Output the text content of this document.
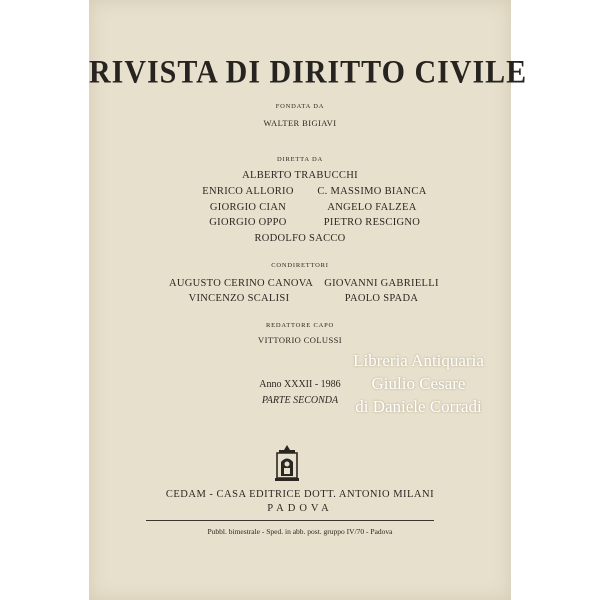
RIVISTA DI DIRITTO CIVILE
FONDATA DA
WALTER BIGIAVI
DIRETTA DA
ALBERTO TRABUCCHI
ENRICO ALLORIO	C. MASSIMO BIANCA
GIORGIO CIAN	ANGELO FALZEA
GIORGIO OPPO	PIETRO RESCIGNO
RODOLFO SACCO
CONDIRETTORI
AUGUSTO CERINO CANOVA	GIOVANNI GABRIELLI
VINCENZO SCALISI	PAOLO SPADA
REDATTORE CAPO
VITTORIO COLUSSI
Anno XXXII - 1986
PARTE SECONDA
CEDAM - CASA EDITRICE DOTT. ANTONIO MILANI
PADOVA
Pubbl. bimestrale - Sped. in abb. post. gruppo IV/70 - Padova
Libreria Antiquaria
Giulio Cesare
di Daniele Corradi
